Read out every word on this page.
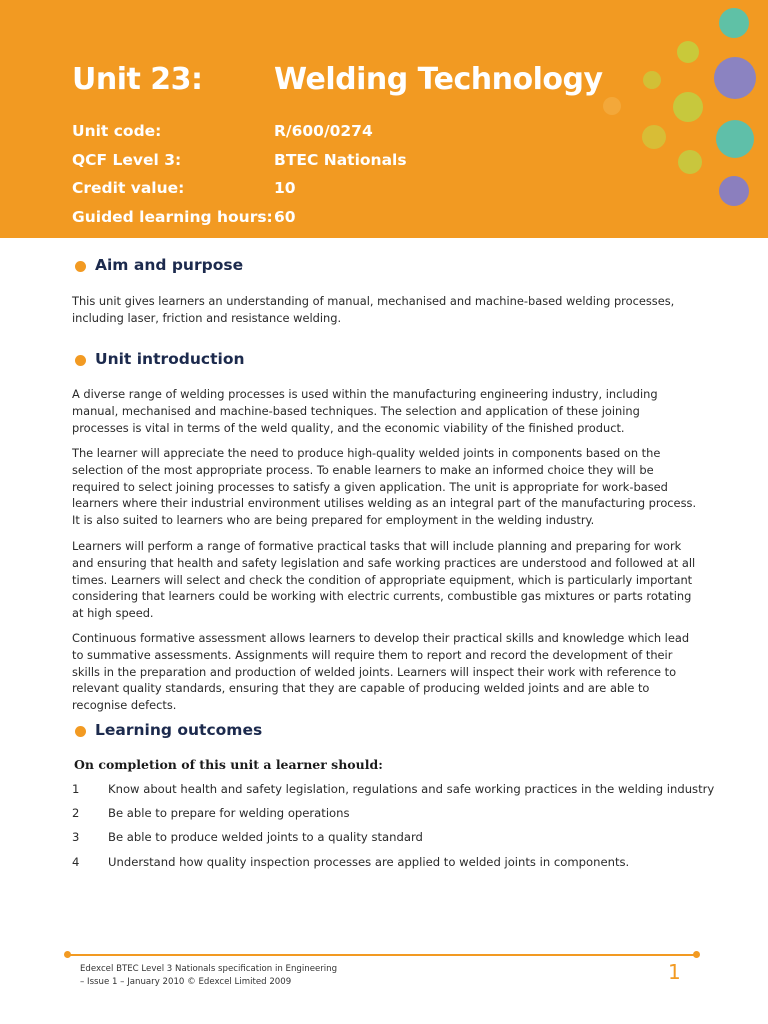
Unit 23: Welding Technology
Unit code:	R/600/0274
QCF Level 3:	BTEC Nationals
Credit value:	10
Guided learning hours: 60
Aim and purpose

This unit gives learners an understanding of manual, mechanised and machine-based welding processes, including laser, friction and resistance welding.

Unit introduction

A diverse range of welding processes is used within the manufacturing engineering industry, including manual, mechanised and machine-based techniques. The selection and application of these joining processes is vital in terms of the weld quality, and the economic viability of the finished product.

The learner will appreciate the need to produce high-quality welded joints in components based on the selection of the most appropriate process. To enable learners to make an informed choice they will be required to select joining processes to satisfy a given application. The unit is appropriate for work-based learners where their industrial environment utilises welding as an integral part of the manufacturing process. It is also suited to learners who are being prepared for employment in the welding industry.

Learners will perform a range of formative practical tasks that will include planning and preparing for work and ensuring that health and safety legislation and safe working practices are understood and followed at all times. Learners will select and check the condition of appropriate equipment, which is particularly important considering that learners could be working with electric currents, combustible gas mixtures or parts rotating at high speed.

Continuous formative assessment allows learners to develop their practical skills and knowledge which lead to summative assessments. Assignments will require them to report and record the development of their skills in the preparation and production of welded joints. Learners will inspect their work with reference to relevant quality standards, ensuring that they are capable of producing welded joints and are able to recognise defects.

Learning outcomes
On completion of this unit a learner should:
1 Know about health and safety legislation, regulations and safe working practices in the welding industry
2 Be able to prepare for welding operations
3 Be able to produce welded joints to a quality standard
4 Understand how quality inspection processes are applied to welded joints in components.
Edexcel BTEC Level 3 Nationals specification in Engineering
– Issue 1 – January 2010 © Edexcel Limited 2009	1
